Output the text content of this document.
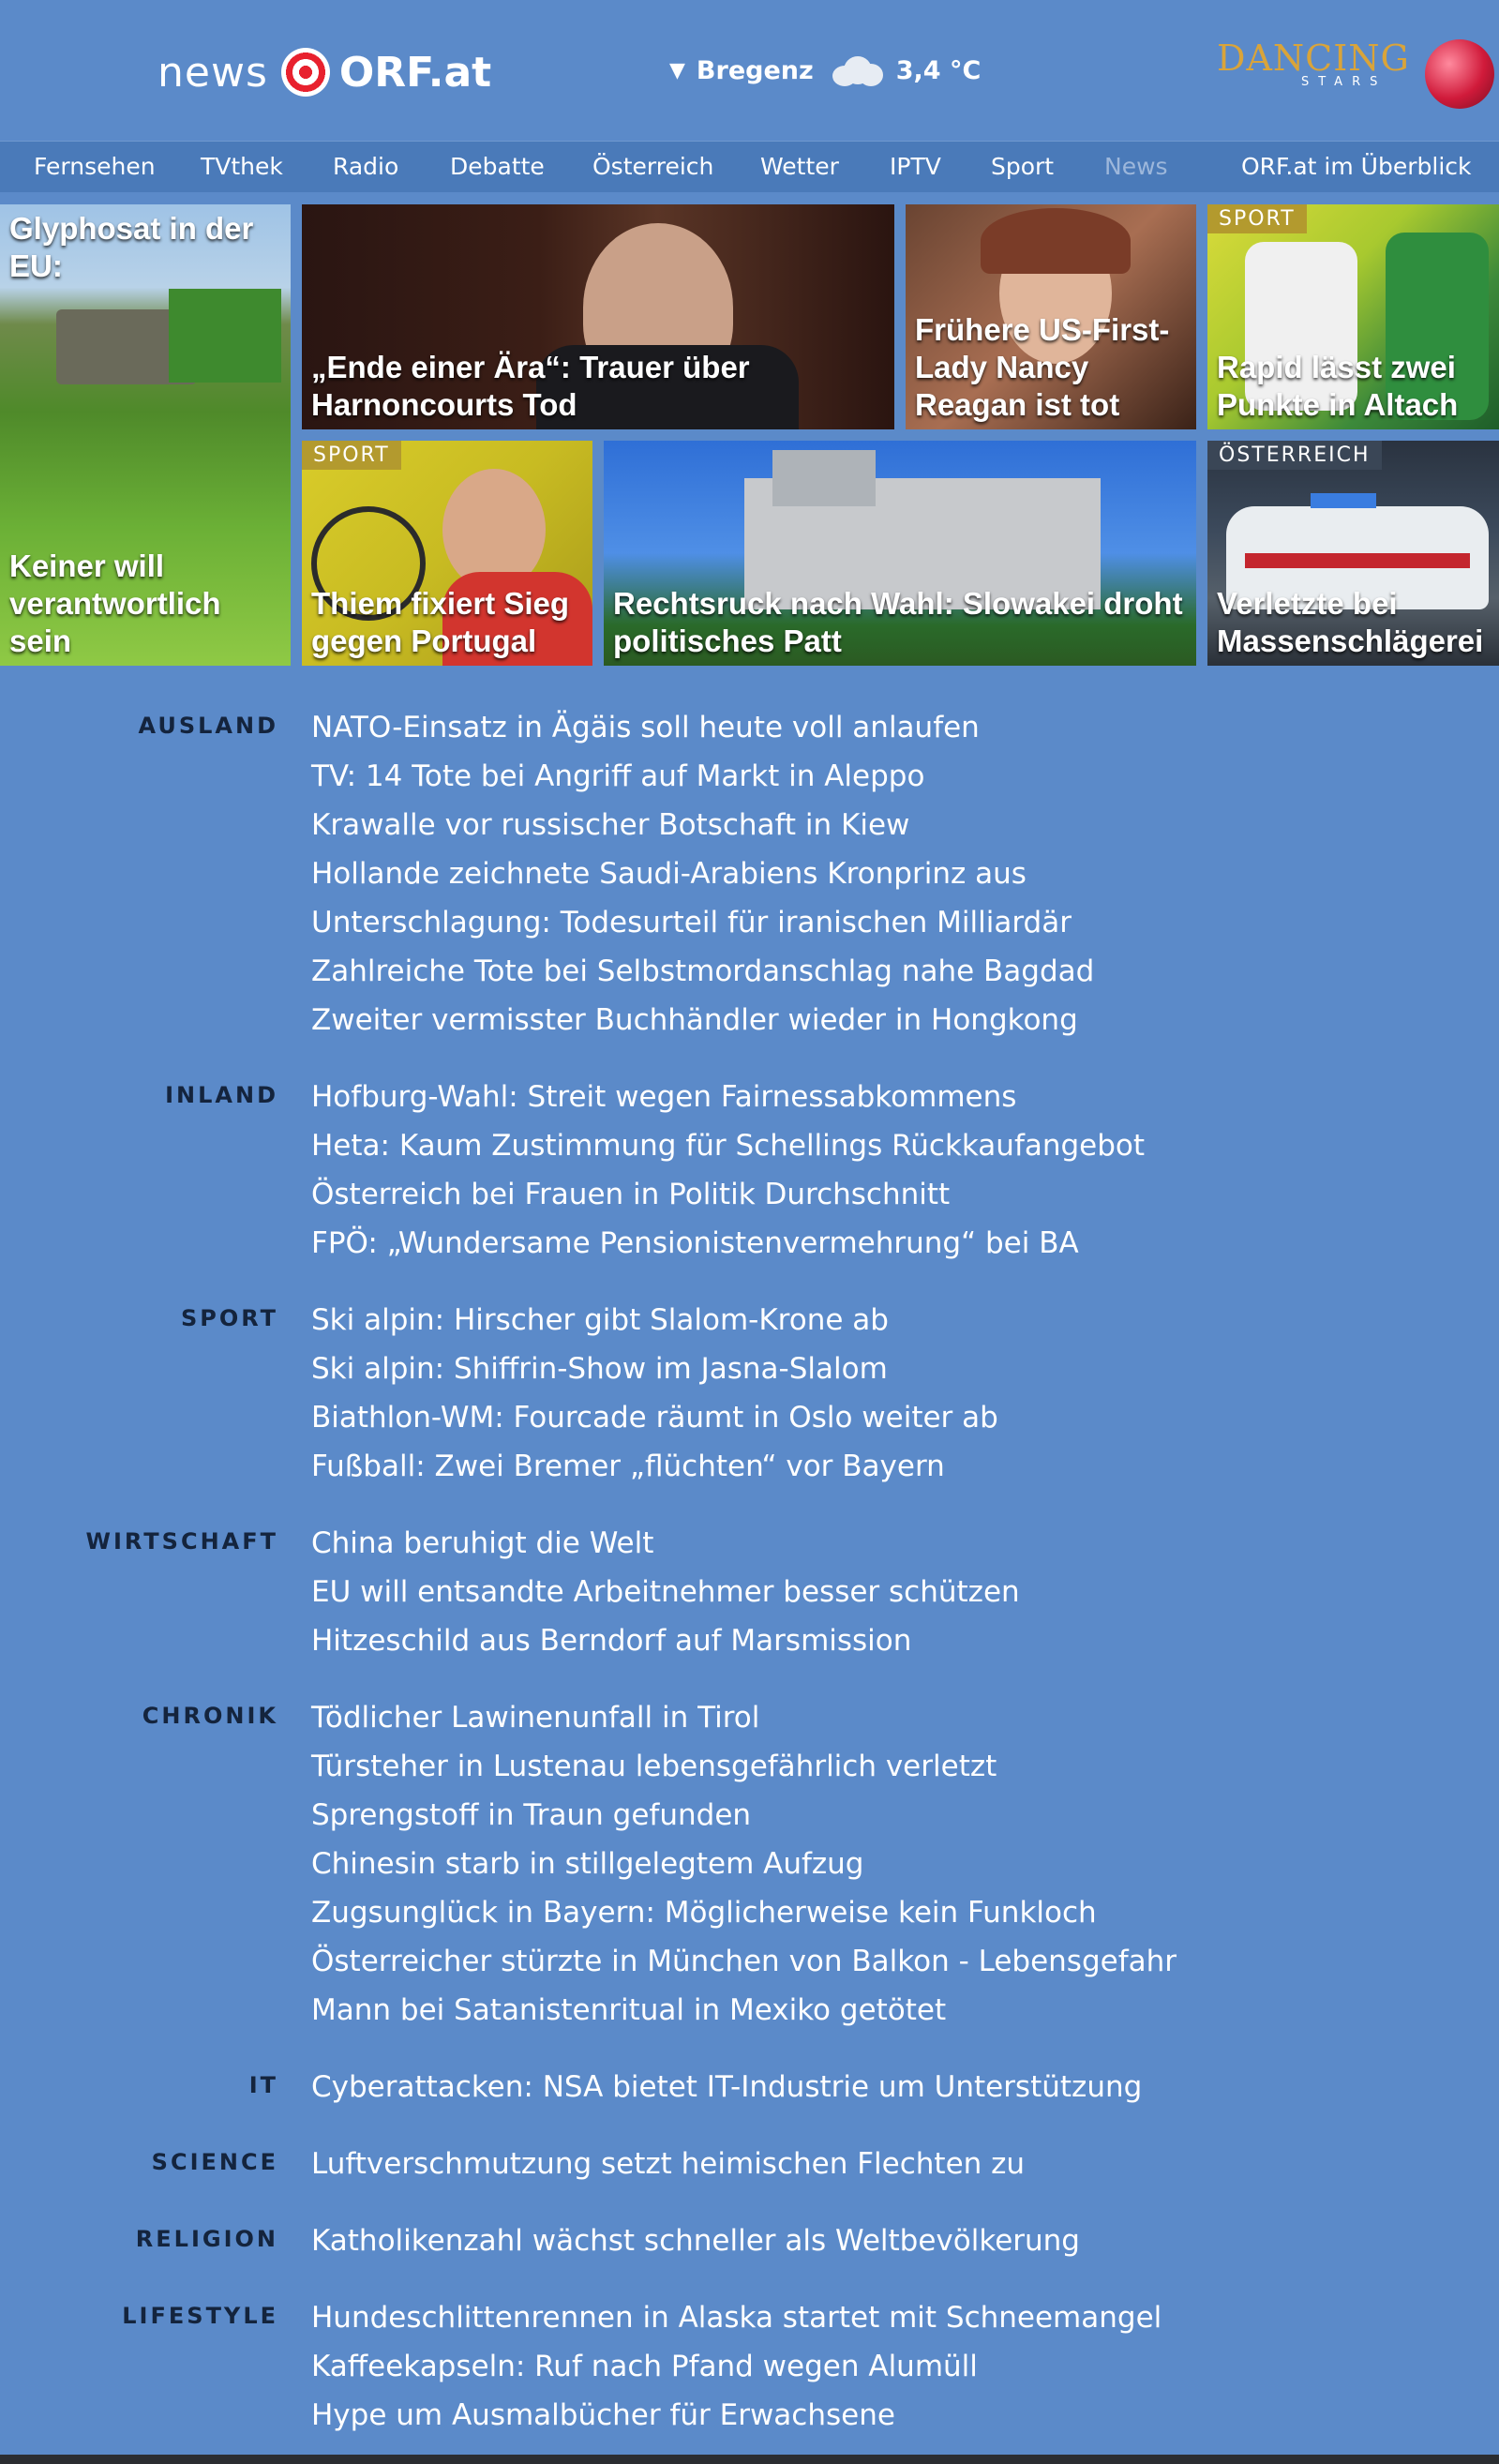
news ORF.at	▼ Bregenz	3,4 °C	DANCING
STARS
Fernsehen TVthek Radio Debatte Österreich Wetter IPTV Sport News	ORF.at im Überblick
Glyphosat in der EU:
Keiner will verantwortlich sein
„Ende einer Ära“: Trauer über Harnoncourts Tod
Frühere US-First-Lady Nancy Reagan ist tot
SPORT
Rapid lässt zwei Punkte in Altach
SPORT
Thiem fixiert Sieg gegen Portugal
Rechtsruck nach Wahl: Slowakei droht politisches Patt
ÖSTERREICH
Verletzte bei Massenschlägerei
AUSLAND NATO-Einsatz in Ägäis soll heute voll anlaufen
TV: 14 Tote bei Angriff auf Markt in Aleppo
Krawalle vor russischer Botschaft in Kiew
Hollande zeichnete Saudi-Arabiens Kronprinz aus
Unterschlagung: Todesurteil für iranischen Milliardär
Zahlreiche Tote bei Selbstmordanschlag nahe Bagdad
Zweiter vermisster Buchhändler wieder in Hongkong
INLAND Hofburg-Wahl: Streit wegen Fairnessabkommens
Heta: Kaum Zustimmung für Schellings Rückkaufangebot
Österreich bei Frauen in Politik Durchschnitt
FPÖ: „Wundersame Pensionistenvermehrung“ bei BA
SPORT Ski alpin: Hirscher gibt Slalom-Krone ab
Ski alpin: Shiffrin-Show im Jasna-Slalom
Biathlon-WM: Fourcade räumt in Oslo weiter ab
Fußball: Zwei Bremer „flüchten“ vor Bayern
WIRTSCHAFT China beruhigt die Welt
EU will entsandte Arbeitnehmer besser schützen
Hitzeschild aus Berndorf auf Marsmission
CHRONIK Tödlicher Lawinenunfall in Tirol
Türsteher in Lustenau lebensgefährlich verletzt
Sprengstoff in Traun gefunden
Chinesin starb in stillgelegtem Aufzug
Zugsunglück in Bayern: Möglicherweise kein Funkloch
Österreicher stürzte in München von Balkon - Lebensgefahr
Mann bei Satanistenritual in Mexiko getötet
IT Cyberattacken: NSA bietet IT-Industrie um Unterstützung
SCIENCE Luftverschmutzung setzt heimischen Flechten zu
RELIGION Katholikenzahl wächst schneller als Weltbevölkerung
LIFESTYLE Hundeschlittenrennen in Alaska startet mit Schneemangel
Kaffeekapseln: Ruf nach Pfand wegen Alumüll
Hype um Ausmalbücher für Erwachsene
